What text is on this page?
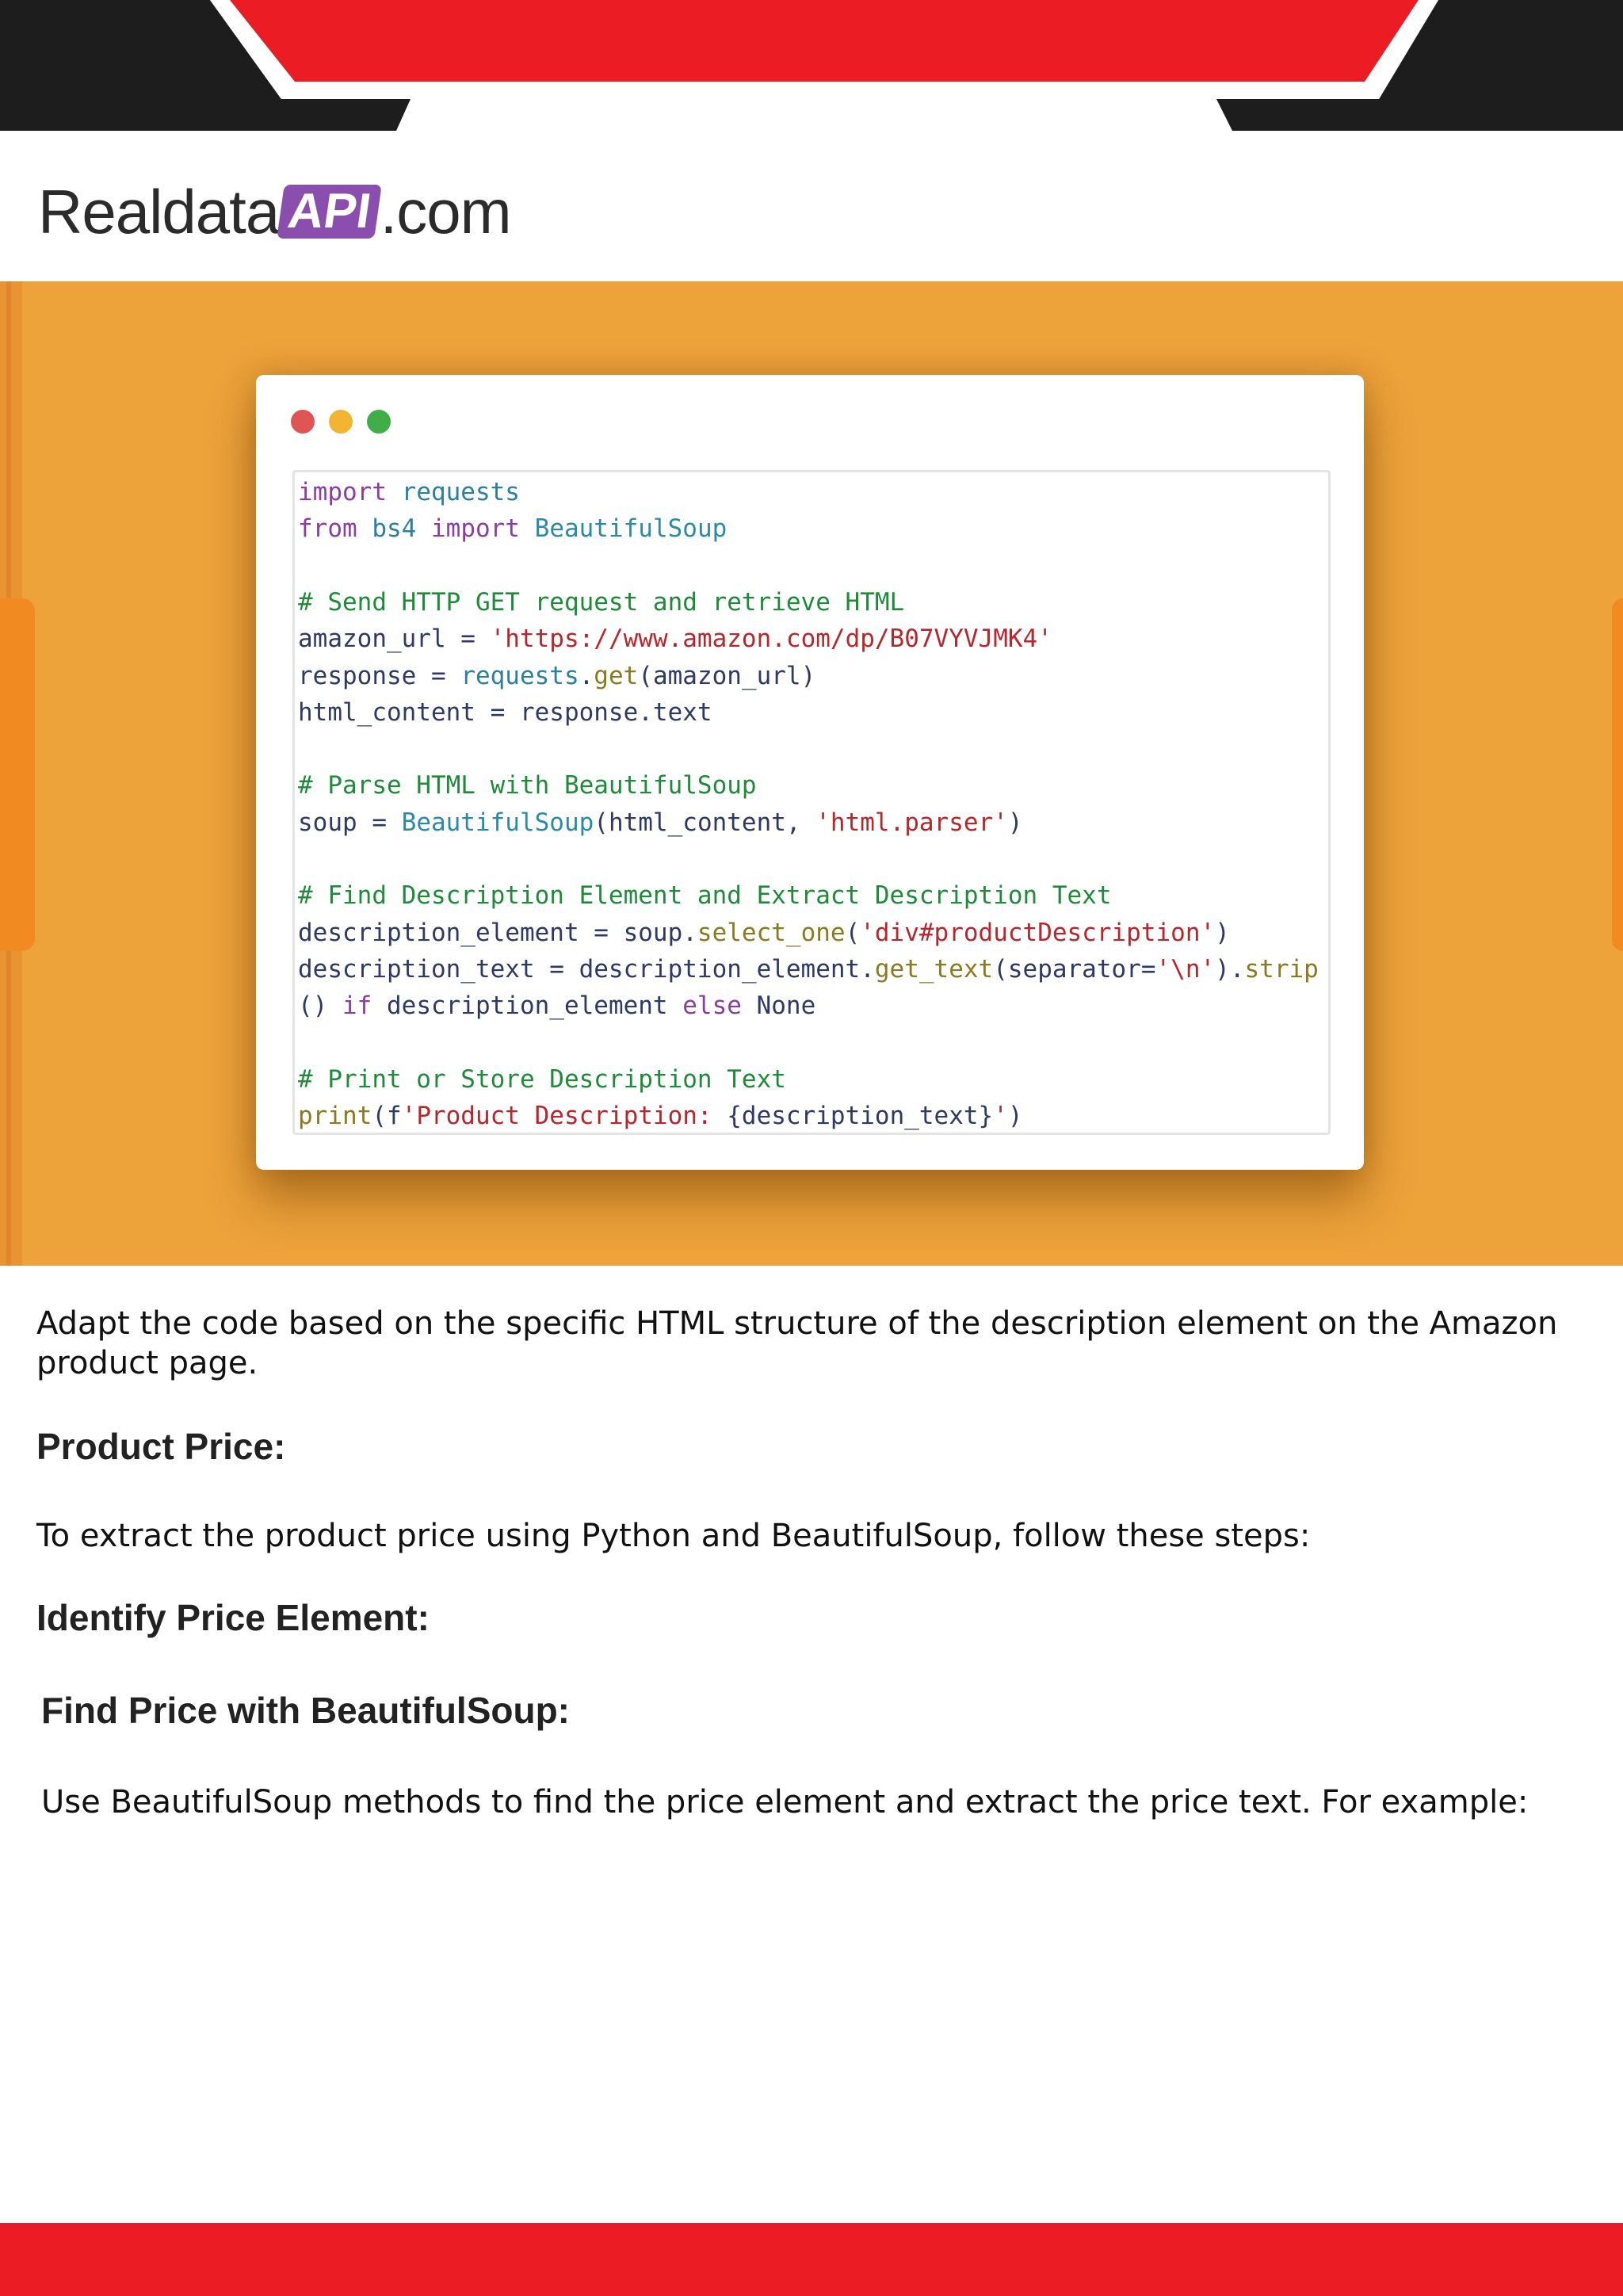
Realdata API .com
import requests
from bs4 import BeautifulSoup
# Send HTTP GET request and retrieve HTML
amazon_url = 'https://www.amazon.com/dp/B07VYVJMK4'
response = requests.get(amazon_url)
html_content = response.text
# Parse HTML with BeautifulSoup
soup = BeautifulSoup(html_content, 'html.parser')
# Find Description Element and Extract Description Text
description_element = soup.select_one('div#productDescription')
description_text = description_element.get_text(separator='\n').strip
() if description_element else None
# Print or Store Description Text
print(f'Product Description: {description_text}')

Adapt the code based on the specific HTML structure of the description element on the Amazon product page.

Product Price:

To extract the product price using Python and BeautifulSoup, follow these steps:

Identify Price Element:
Find Price with BeautifulSoup:

Use BeautifulSoup methods to find the price element and extract the price text. For example:
